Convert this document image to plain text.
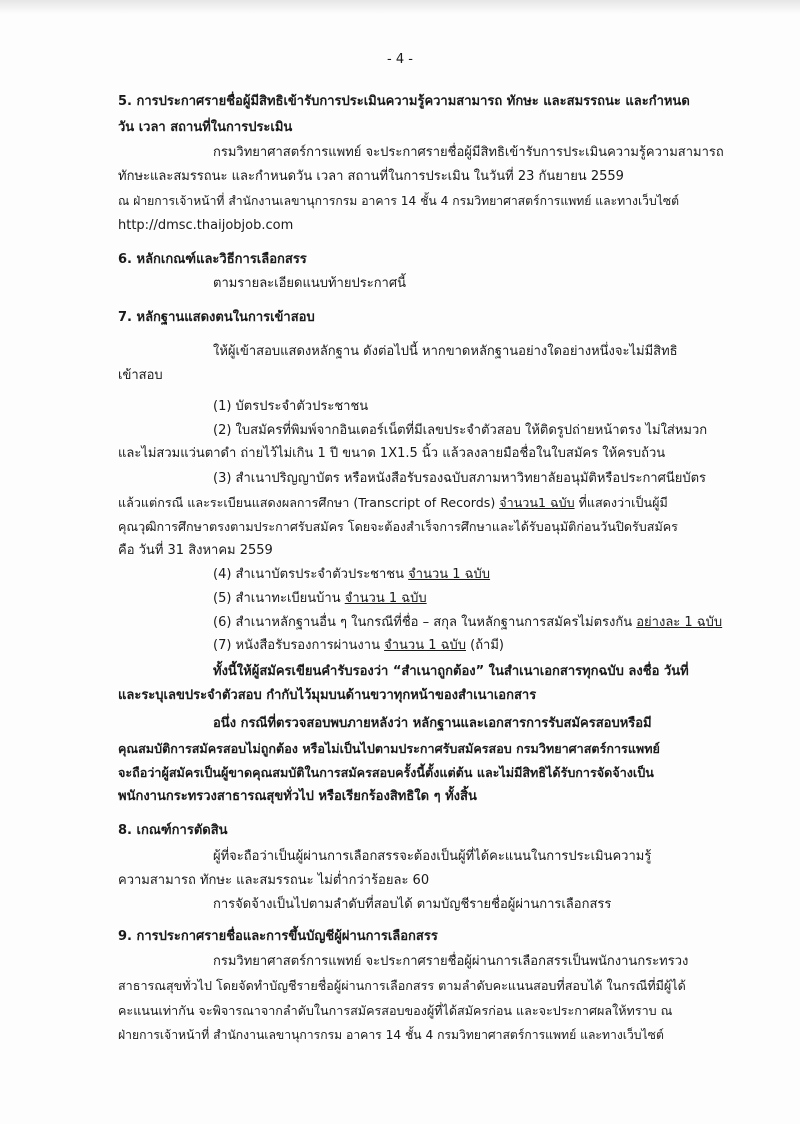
- 4 -
5. การประกาศรายชื่อผู้มีสิทธิเข้ารับการประเมินความรู้ความสามารถ ทักษะ และสมรรถนะ และกำหนด
วัน เวลา สถานที่ในการประเมิน
กรมวิทยาศาสตร์การแพทย์ จะประกาศรายชื่อผู้มีสิทธิเข้ารับการประเมินความรู้ความสามารถ
ทักษะและสมรรถนะ และกำหนดวัน เวลา สถานที่ในการประเมิน ในวันที่ 23 กันยายน 2559
ณ ฝ่ายการเจ้าหน้าที่ สำนักงานเลขานุการกรม อาคาร 14 ชั้น 4 กรมวิทยาศาสตร์การแพทย์ และทางเว็บไซต์
http://dmsc.thaijobjob.com
6. หลักเกณฑ์และวิธีการเลือกสรร
ตามรายละเอียดแนบท้ายประกาศนี้
7. หลักฐานแสดงตนในการเข้าสอบ
ให้ผู้เข้าสอบแสดงหลักฐาน ดังต่อไปนี้ หากขาดหลักฐานอย่างใดอย่างหนึ่งจะไม่มีสิทธิ
เข้าสอบ
(1) บัตรประจำตัวประชาชน
(2) ใบสมัครที่พิมพ์จากอินเตอร์เน็ตที่มีเลขประจำตัวสอบ ให้ติดรูปถ่ายหน้าตรง ไม่ใส่หมวก
และไม่สวมแว่นตาดำ ถ่ายไว้ไม่เกิน 1 ปี ขนาด 1X1.5 นิ้ว แล้วลงลายมือชื่อในใบสมัคร ให้ครบถ้วน
(3) สำเนาปริญญาบัตร หรือหนังสือรับรองฉบับสภามหาวิทยาลัยอนุมัติหรือประกาศนียบัตร
แล้วแต่กรณี และระเบียนแสดงผลการศึกษา (Transcript of Records) จำนวน1 ฉบับ ที่แสดงว่าเป็นผู้มี
คุณวุฒิการศึกษาตรงตามประกาศรับสมัคร โดยจะต้องสำเร็จการศึกษาและได้รับอนุมัติก่อนวันปิดรับสมัคร
คือ วันที่ 31 สิงหาคม 2559
(4) สำเนาบัตรประจำตัวประชาชน จำนวน 1 ฉบับ
(5) สำเนาทะเบียนบ้าน จำนวน 1 ฉบับ
(6) สำเนาหลักฐานอื่น ๆ ในกรณีที่ชื่อ – สกุล ในหลักฐานการสมัครไม่ตรงกัน อย่างละ 1 ฉบับ
(7) หนังสือรับรองการผ่านงาน จำนวน 1 ฉบับ (ถ้ามี)
ทั้งนี้ให้ผู้สมัครเขียนคำรับรองว่า “สำเนาถูกต้อง” ในสำเนาเอกสารทุกฉบับ ลงชื่อ วันที่
และระบุเลขประจำตัวสอบ กำกับไว้มุมบนด้านขวาทุกหน้าของสำเนาเอกสาร
อนึ่ง กรณีที่ตรวจสอบพบภายหลังว่า หลักฐานและเอกสารการรับสมัครสอบหรือมี
คุณสมบัติการสมัครสอบไม่ถูกต้อง หรือไม่เป็นไปตามประกาศรับสมัครสอบ กรมวิทยาศาสตร์การแพทย์
จะถือว่าผู้สมัครเป็นผู้ขาดคุณสมบัติในการสมัครสอบครั้งนี้ตั้งแต่ต้น และไม่มีสิทธิได้รับการจัดจ้างเป็น
พนักงานกระทรวงสาธารณสุขทั่วไป หรือเรียกร้องสิทธิใด ๆ ทั้งสิ้น
8. เกณฑ์การตัดสิน
ผู้ที่จะถือว่าเป็นผู้ผ่านการเลือกสรรจะต้องเป็นผู้ที่ได้คะแนนในการประเมินความรู้
ความสามารถ ทักษะ และสมรรถนะ ไม่ต่ำกว่าร้อยละ 60
การจัดจ้างเป็นไปตามลำดับที่สอบได้ ตามบัญชีรายชื่อผู้ผ่านการเลือกสรร
9. การประกาศรายชื่อและการขึ้นบัญชีผู้ผ่านการเลือกสรร
กรมวิทยาศาสตร์การแพทย์ จะประกาศรายชื่อผู้ผ่านการเลือกสรรเป็นพนักงานกระทรวง
สาธารณสุขทั่วไป โดยจัดทำบัญชีรายชื่อผู้ผ่านการเลือกสรร ตามลำดับคะแนนสอบที่สอบได้ ในกรณีที่มีผู้ได้
คะแนนเท่ากัน จะพิจารณาจากลำดับในการสมัครสอบของผู้ที่ได้สมัครก่อน และจะประกาศผลให้ทราบ ณ
ฝ่ายการเจ้าหน้าที่ สำนักงานเลขานุการกรม อาคาร 14 ชั้น 4 กรมวิทยาศาสตร์การแพทย์ และทางเว็บไซต์
